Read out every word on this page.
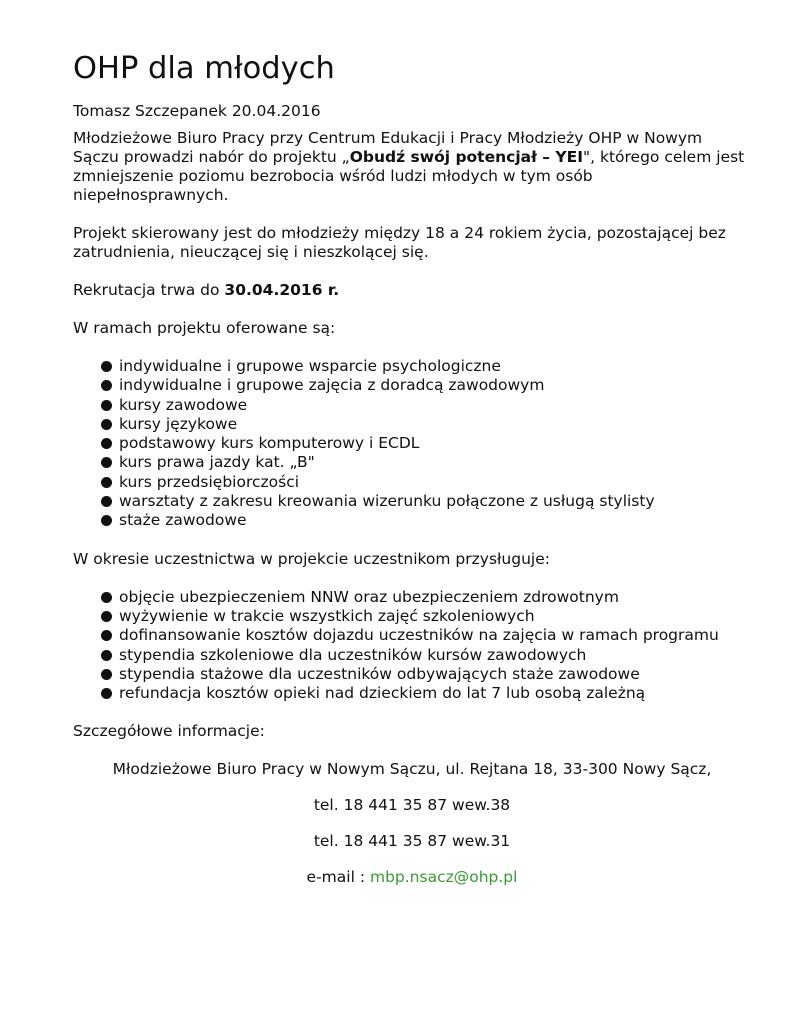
OHP dla młodych

Tomasz Szczepanek 20.04.2016

Młodzieżowe Biuro Pracy przy Centrum Edukacji i Pracy Młodzieży OHP w Nowym Sączu prowadzi nabór do projektu „Obudź swój potencjał – YEI", którego celem jest zmniejszenie poziomu bezrobocia wśród ludzi młodych w tym osób niepełnosprawnych.

Projekt skierowany jest do młodzieży między 18 a 24 rokiem życia, pozostającej bez zatrudnienia, nieuczącej się i nieszkolącej się.

Rekrutacja trwa do 30.04.2016 r.

W ramach projektu oferowane są:

indywidualne i grupowe wsparcie psychologiczne
indywidualne i grupowe zajęcia z doradcą zawodowym
kursy zawodowe
kursy językowe
podstawowy kurs komputerowy i ECDL
kurs prawa jazdy kat. „B"
kurs przedsiębiorczości
warsztaty z zakresu kreowania wizerunku połączone z usługą stylisty
staże zawodowe

W okresie uczestnictwa w projekcie uczestnikom przysługuje:

objęcie ubezpieczeniem NNW oraz ubezpieczeniem zdrowotnym
wyżywienie w trakcie wszystkich zajęć szkoleniowych
dofinansowanie kosztów dojazdu uczestników na zajęcia w ramach programu
stypendia szkoleniowe dla uczestników kursów zawodowych
stypendia stażowe dla uczestników odbywających staże zawodowe
refundacja kosztów opieki nad dzieckiem do lat 7 lub osobą zależną

Szczegółowe informacje:

Młodzieżowe Biuro Pracy w Nowym Sączu, ul. Rejtana 18, 33-300 Nowy Sącz,

tel. 18 441 35 87 wew.38

tel. 18 441 35 87 wew.31

e-mail : mbp.nsacz@ohp.pl
